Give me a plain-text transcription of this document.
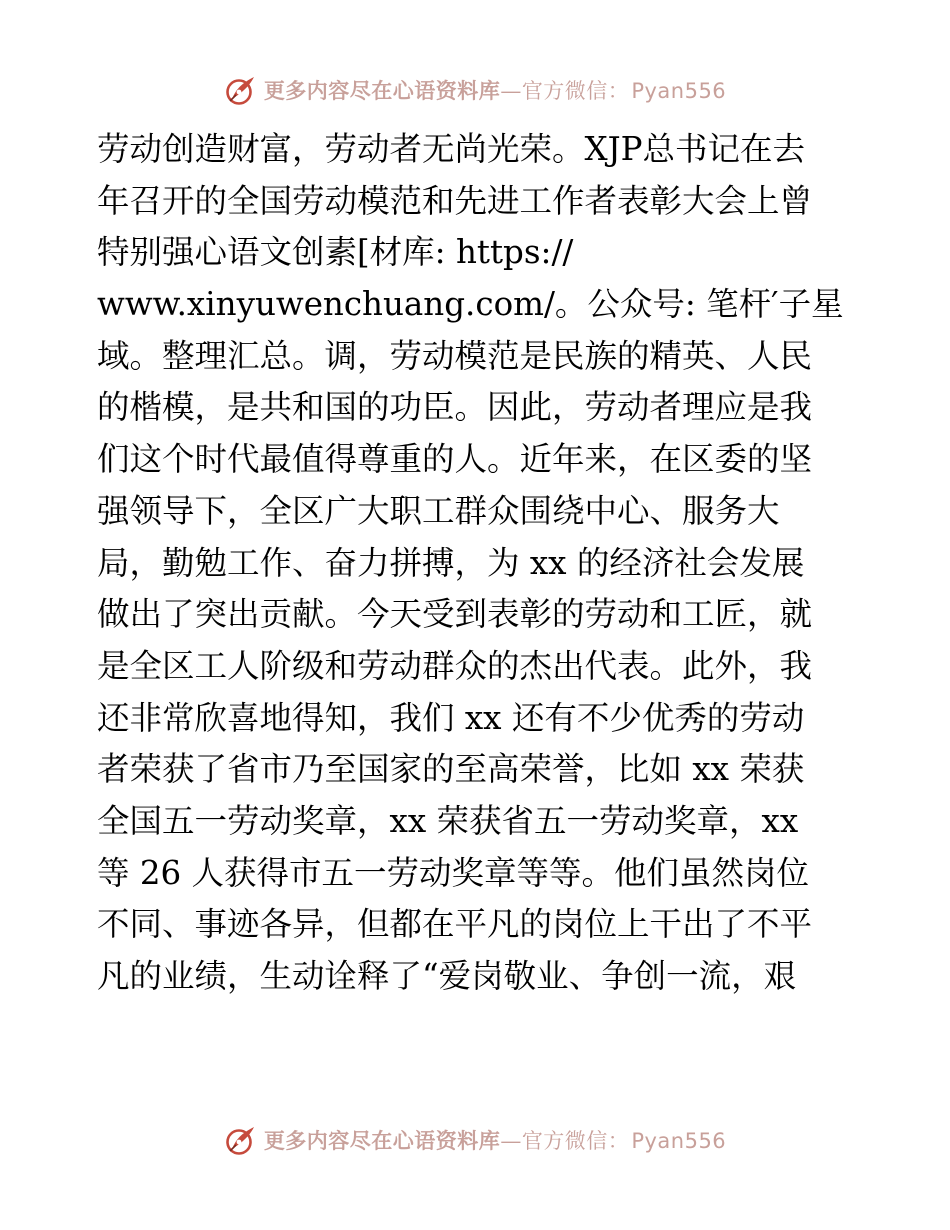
更多内容尽在心语资料库—官方微信：Pyan556
劳动创造财富，劳动者无尚光荣。XJP总书记在去
年召开的全国劳动模范和先进工作者表彰大会上曾
特别强心语文创素[材库: https://
www.xinyuwenchuang.com/。公众号: 笔杆′子星
域。整理汇总。调，劳动模范是民族的精英、人民
的楷模，是共和国的功臣。因此，劳动者理应是我
们这个时代最值得尊重的人。近年来，在区委的坚
强领导下，全区广大职工群众围绕中心、服务大
局，勤勉工作、奋力拼搏，为 xx 的经济社会发展
做出了突出贡献。今天受到表彰的劳动和工匠，就
是全区工人阶级和劳动群众的杰出代表。此外，我
还非常欣喜地得知，我们 xx 还有不少优秀的劳动
者荣获了省市乃至国家的至高荣誉，比如 xx 荣获
全国五一劳动奖章，xx 荣获省五一劳动奖章，xx
等 26 人获得市五一劳动奖章等等。他们虽然岗位
不同、事迹各异，但都在平凡的岗位上干出了不平
凡的业绩，生动诠释了“爱岗敬业、争创一流，艰
更多内容尽在心语资料库—官方微信：Pyan556
